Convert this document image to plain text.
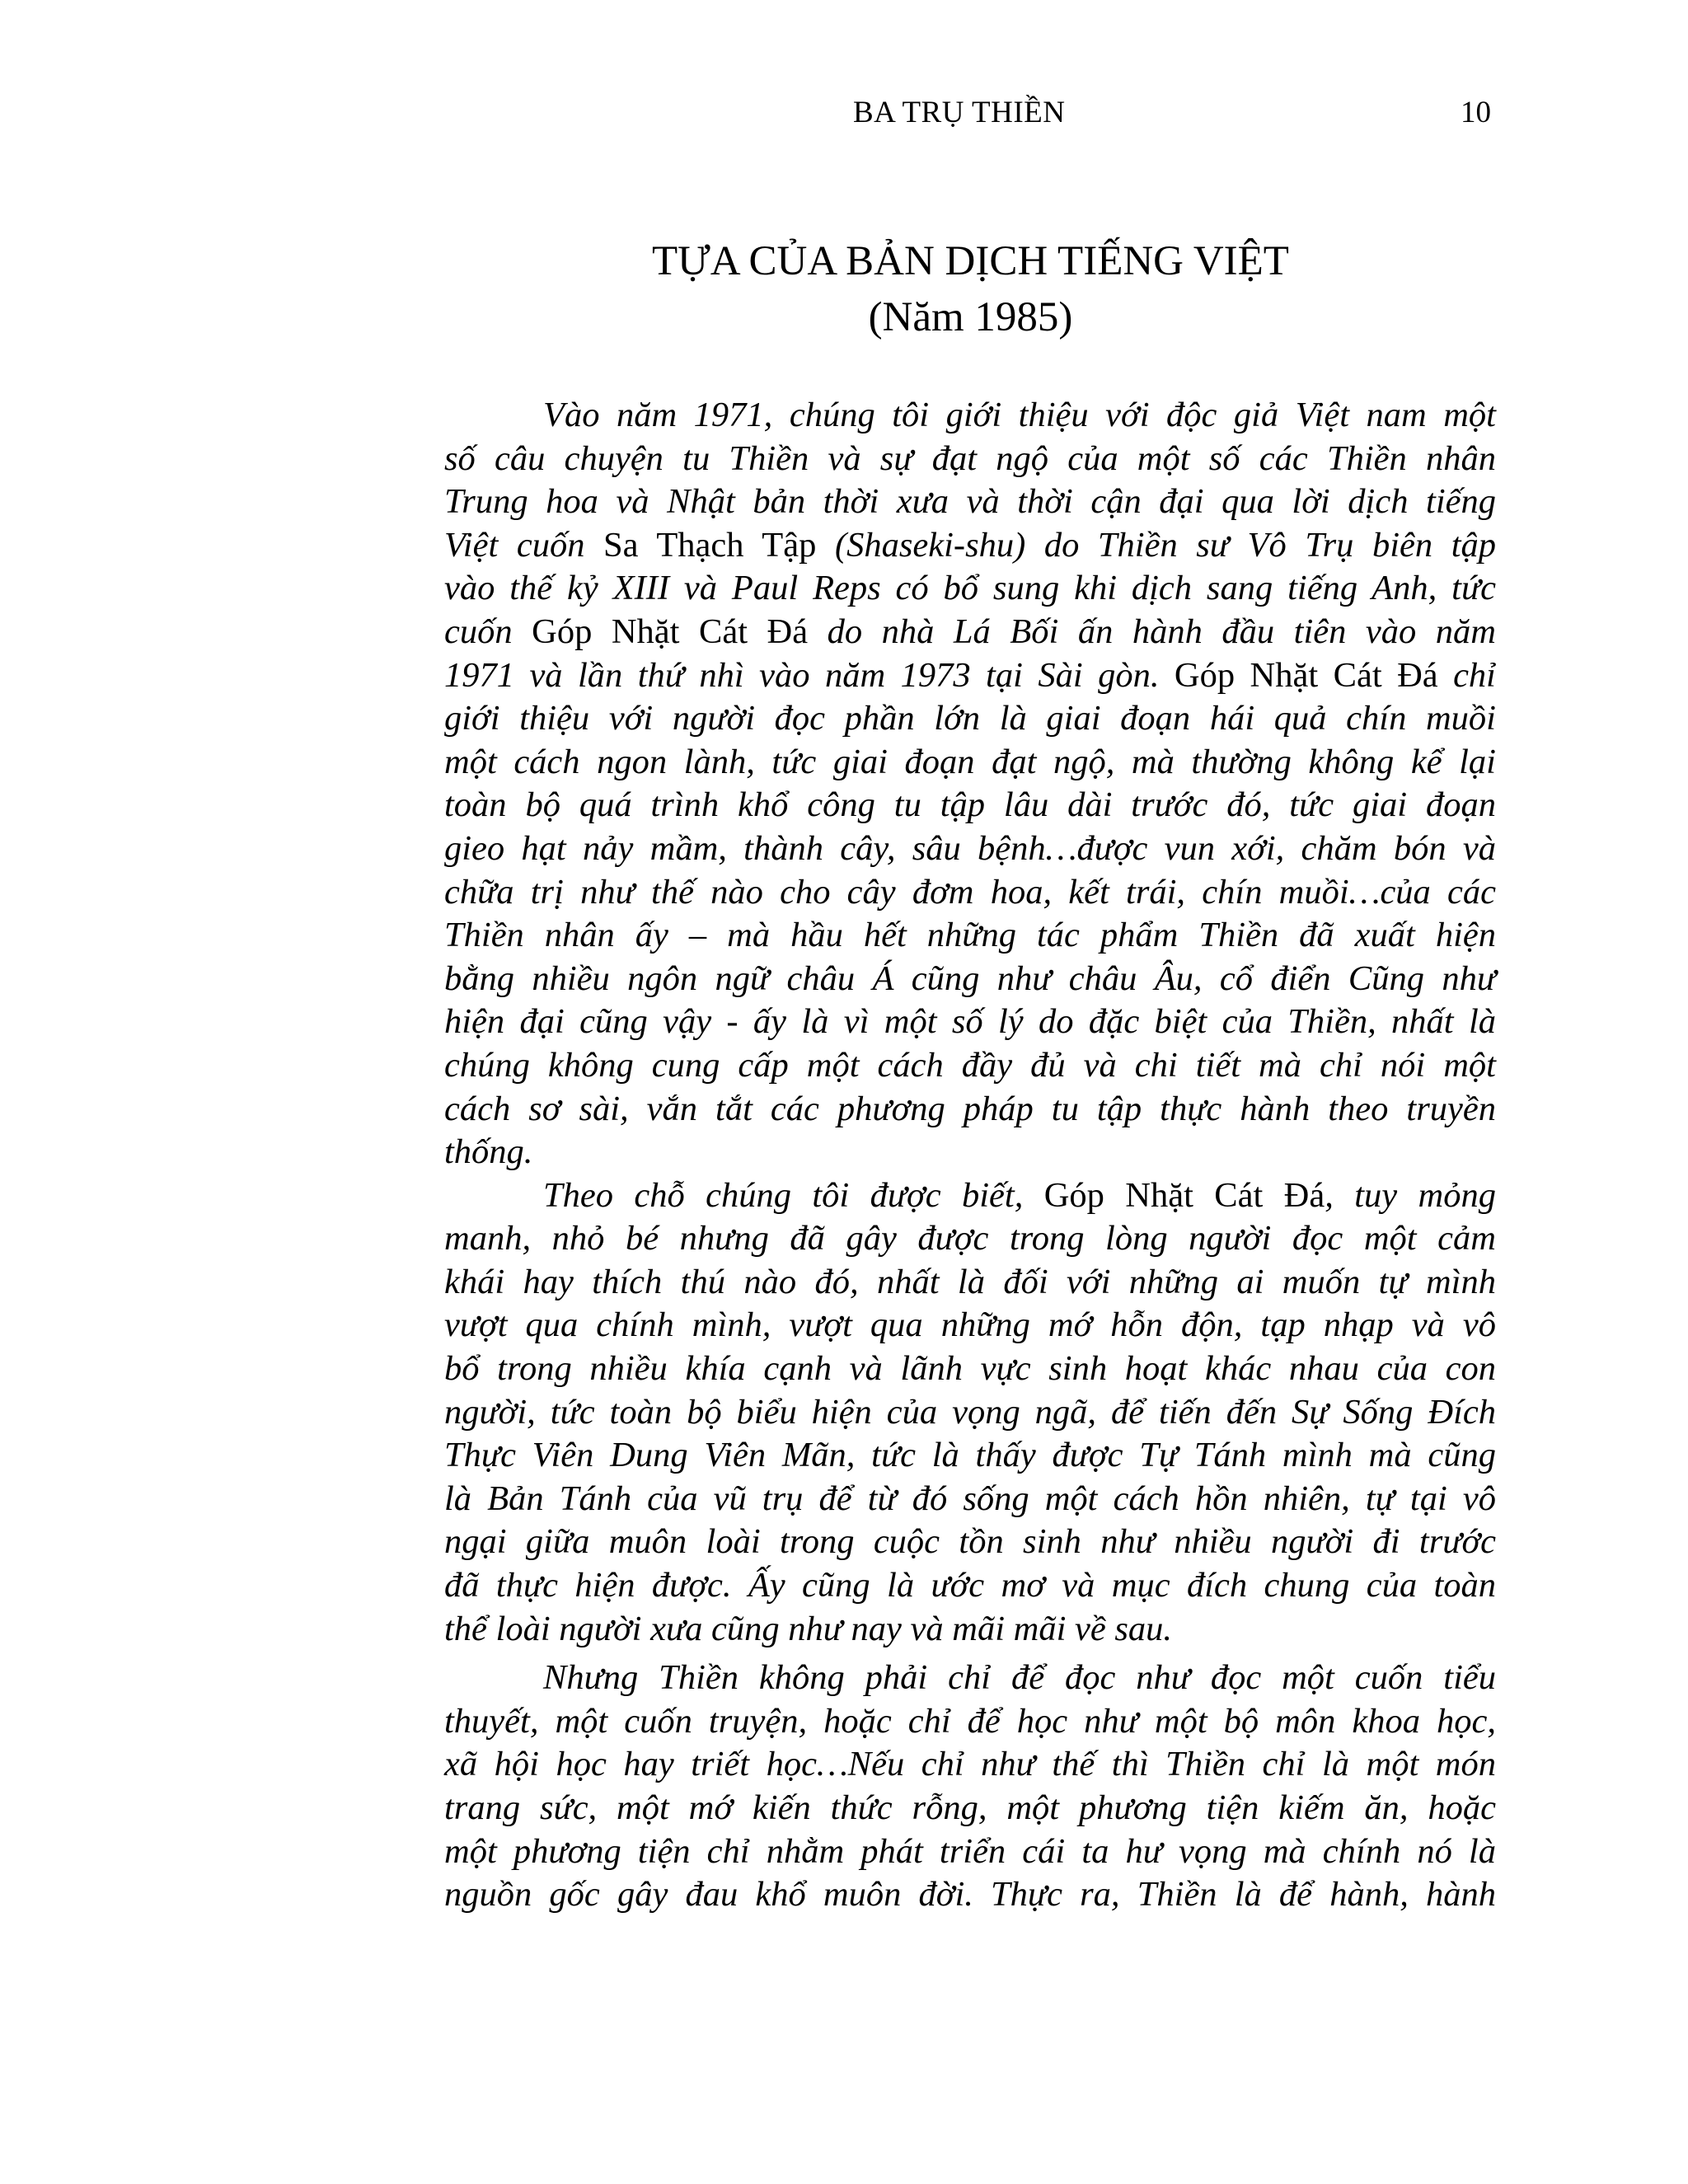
BA TRỤ THIỀN	10
TỰA CỦA BẢN DỊCH TIẾNG VIỆT
(Năm 1985)
Vào năm 1971, chúng tôi giới thiệu với độc giả Việt nam một
số câu chuyện tu Thiền và sự đạt ngộ của một số các Thiền nhân
Trung hoa và Nhật bản thời xưa và thời cận đại qua lời dịch tiếng
Việt cuốn Sa Thạch Tập (Shaseki-shu) do Thiền sư Vô Trụ biên tập
vào thế kỷ XIII và Paul Reps có bổ sung khi dịch sang tiếng Anh, tức
cuốn Góp Nhặt Cát Đá do nhà Lá Bối ấn hành đầu tiên vào năm
1971 và lần thứ nhì vào năm 1973 tại Sài gòn. Góp Nhặt Cát Đá chỉ
giới thiệu với người đọc phần lớn là giai đoạn hái quả chín muồi
một cách ngon lành, tức giai đoạn đạt ngộ, mà thường không kể lại
toàn bộ quá trình khổ công tu tập lâu dài trước đó, tức giai đoạn
gieo hạt nảy mầm, thành cây, sâu bệnh…được vun xới, chăm bón và
chữa trị như thế nào cho cây đơm hoa, kết trái, chín muồi…của các
Thiền nhân ấy – mà hầu hết những tác phẩm Thiền đã xuất hiện
bằng nhiều ngôn ngữ châu Á cũng như châu Âu, cổ điển Cũng như
hiện đại cũng vậy - ấy là vì một số lý do đặc biệt của Thiền, nhất là
chúng không cung cấp một cách đầy đủ và chi tiết mà chỉ nói một
cách sơ sài, vắn tắt các phương pháp tu tập thực hành theo truyền
thống.
Theo chỗ chúng tôi được biết, Góp Nhặt Cát Đá, tuy mỏng
manh, nhỏ bé nhưng đã gây được trong lòng người đọc một cảm
khái hay thích thú nào đó, nhất là đối với những ai muốn tự mình
vượt qua chính mình, vượt qua những mớ hỗn độn, tạp nhạp và vô
bổ trong nhiều khía cạnh và lãnh vực sinh hoạt khác nhau của con
người, tức toàn bộ biểu hiện của vọng ngã, để tiến đến Sự Sống Đích
Thực Viên Dung Viên Mãn, tức là thấy được Tự Tánh mình mà cũng
là Bản Tánh của vũ trụ để từ đó sống một cách hồn nhiên, tự tại vô
ngại giữa muôn loài trong cuộc tồn sinh như nhiều người đi trước
đã thực hiện được. Ấy cũng là ước mơ và mục đích chung của toàn
thể loài người xưa cũng như nay và mãi mãi về sau.
Nhưng Thiền không phải chỉ để đọc như đọc một cuốn tiểu
thuyết, một cuốn truyện, hoặc chỉ để học như một bộ môn khoa học,
xã hội học hay triết học…Nếu chỉ như thế thì Thiền chỉ là một món
trang sức, một mớ kiến thức rỗng, một phương tiện kiếm ăn, hoặc
một phương tiện chỉ nhằm phát triển cái ta hư vọng mà chính nó là
nguồn gốc gây đau khổ muôn đời. Thực ra, Thiền là để hành, hành
